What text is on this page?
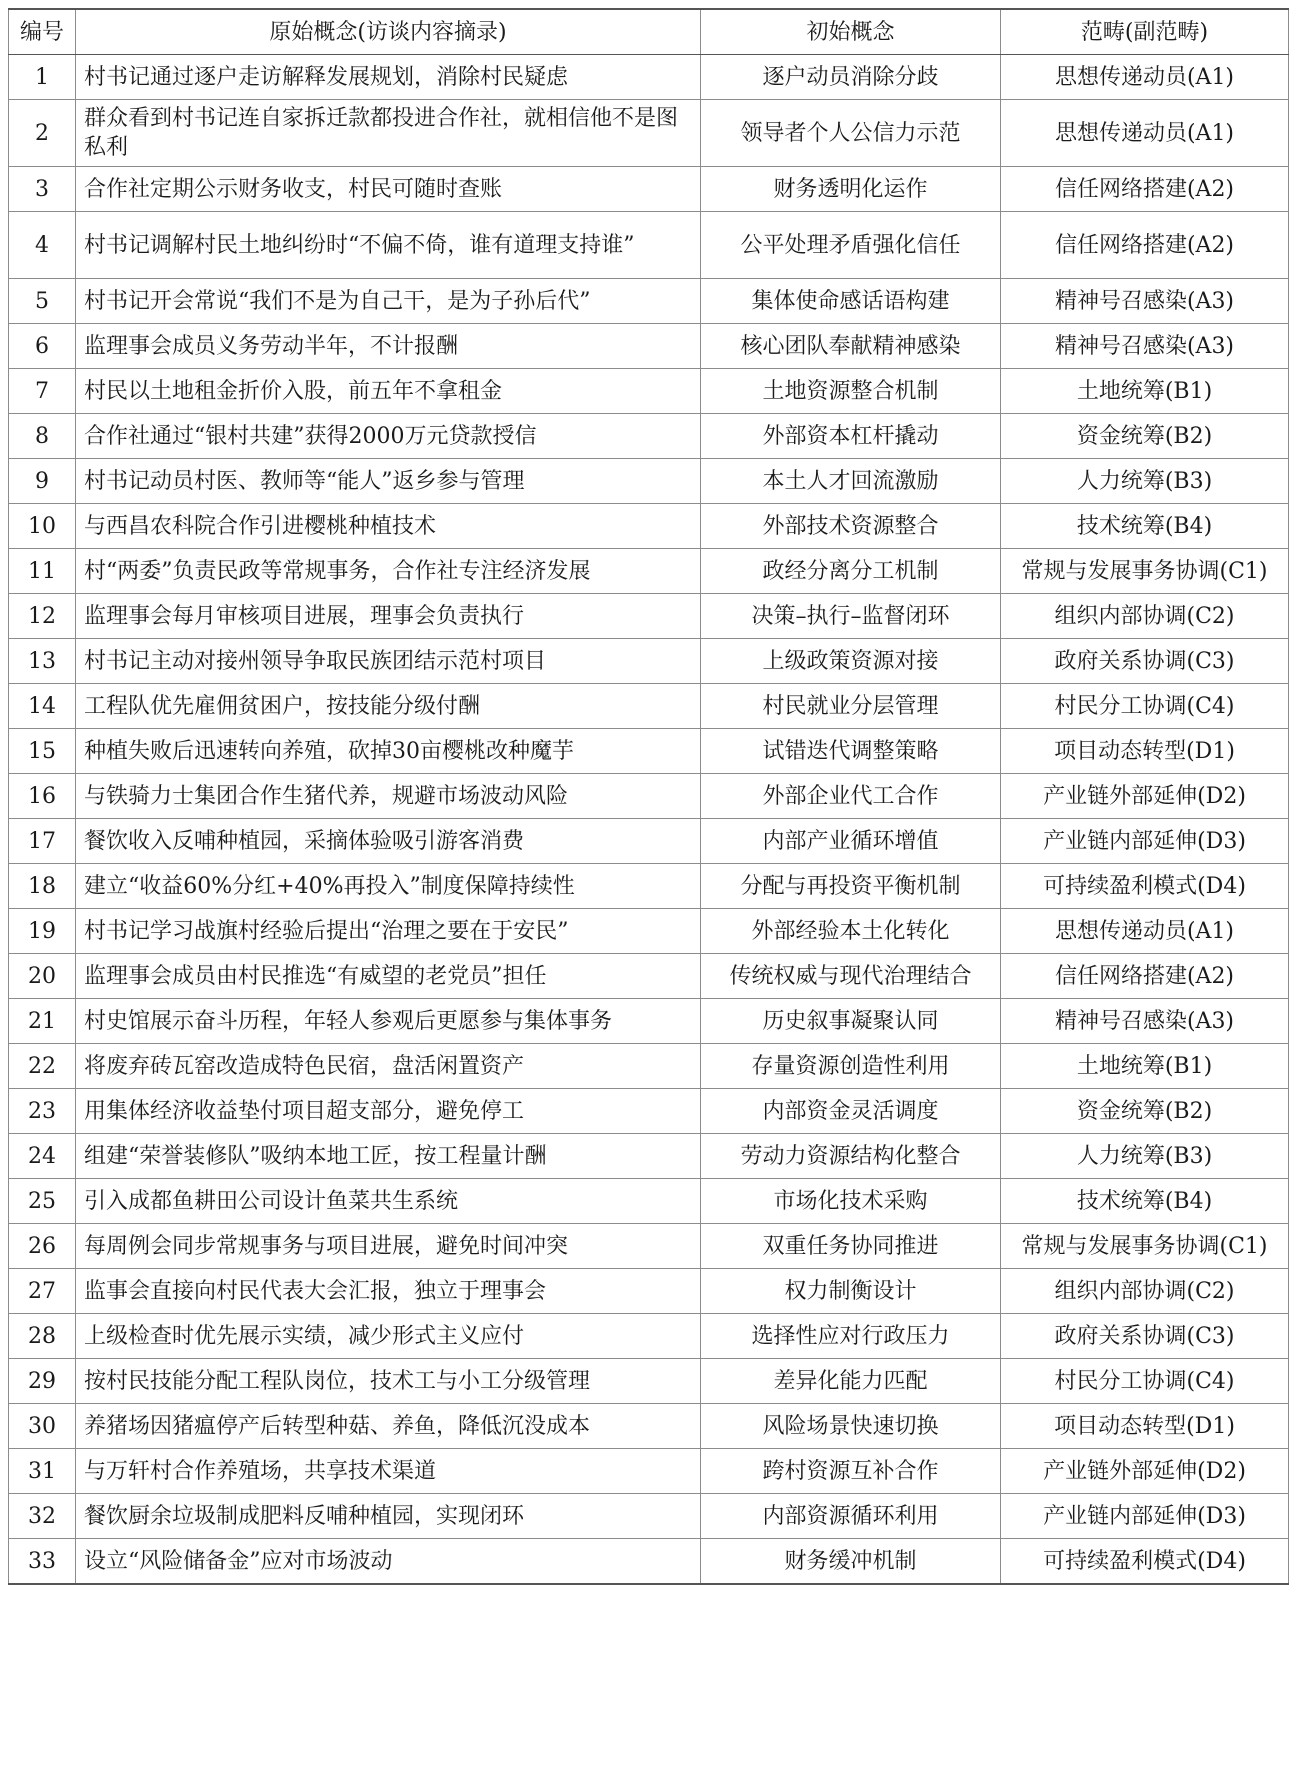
编号	原始概念(访谈内容摘录)	初始概念	范畴(副范畴)
1	村书记通过逐户走访解释发展规划，消除村民疑虑	逐户动员消除分歧	思想传递动员(A1)
2	群众看到村书记连自家拆迁款都投进合作社，就相信他不是图私利	领导者个人公信力示范	思想传递动员(A1)
3	合作社定期公示财务收支，村民可随时查账	财务透明化运作	信任网络搭建(A2)
4	村书记调解村民土地纠纷时“不偏不倚，谁有道理支持谁”	公平处理矛盾强化信任	信任网络搭建(A2)
5	村书记开会常说“我们不是为自己干，是为子孙后代”	集体使命感话语构建	精神号召感染(A3)
6	监理事会成员义务劳动半年，不计报酬	核心团队奉献精神感染	精神号召感染(A3)
7	村民以土地租金折价入股，前五年不拿租金	土地资源整合机制	土地统筹(B1)
8	合作社通过“银村共建”获得2000万元贷款授信	外部资本杠杆撬动	资金统筹(B2)
9	村书记动员村医、教师等“能人”返乡参与管理	本土人才回流激励	人力统筹(B3)
10	与西昌农科院合作引进樱桃种植技术	外部技术资源整合	技术统筹(B4)
11	村“两委”负责民政等常规事务，合作社专注经济发展	政经分离分工机制	常规与发展事务协调(C1)
12	监理事会每月审核项目进展，理事会负责执行	决策–执行–监督闭环	组织内部协调(C2)
13	村书记主动对接州领导争取民族团结示范村项目	上级政策资源对接	政府关系协调(C3)
14	工程队优先雇佣贫困户，按技能分级付酬	村民就业分层管理	村民分工协调(C4)
15	种植失败后迅速转向养殖，砍掉30亩樱桃改种魔芋	试错迭代调整策略	项目动态转型(D1)
16	与铁骑力士集团合作生猪代养，规避市场波动风险	外部企业代工合作	产业链外部延伸(D2)
17	餐饮收入反哺种植园，采摘体验吸引游客消费	内部产业循环增值	产业链内部延伸(D3)
18	建立“收益60%分红+40%再投入”制度保障持续性	分配与再投资平衡机制	可持续盈利模式(D4)
19	村书记学习战旗村经验后提出“治理之要在于安民”	外部经验本土化转化	思想传递动员(A1)
20	监理事会成员由村民推选“有威望的老党员”担任	传统权威与现代治理结合	信任网络搭建(A2)
21	村史馆展示奋斗历程，年轻人参观后更愿参与集体事务	历史叙事凝聚认同	精神号召感染(A3)
22	将废弃砖瓦窑改造成特色民宿，盘活闲置资产	存量资源创造性利用	土地统筹(B1)
23	用集体经济收益垫付项目超支部分，避免停工	内部资金灵活调度	资金统筹(B2)
24	组建“荣誉装修队”吸纳本地工匠，按工程量计酬	劳动力资源结构化整合	人力统筹(B3)
25	引入成都鱼耕田公司设计鱼菜共生系统	市场化技术采购	技术统筹(B4)
26	每周例会同步常规事务与项目进展，避免时间冲突	双重任务协同推进	常规与发展事务协调(C1)
27	监事会直接向村民代表大会汇报，独立于理事会	权力制衡设计	组织内部协调(C2)
28	上级检查时优先展示实绩，减少形式主义应付	选择性应对行政压力	政府关系协调(C3)
29	按村民技能分配工程队岗位，技术工与小工分级管理	差异化能力匹配	村民分工协调(C4)
30	养猪场因猪瘟停产后转型种菇、养鱼，降低沉没成本	风险场景快速切换	项目动态转型(D1)
31	与万轩村合作养殖场，共享技术渠道	跨村资源互补合作	产业链外部延伸(D2)
32	餐饮厨余垃圾制成肥料反哺种植园，实现闭环	内部资源循环利用	产业链内部延伸(D3)
33	设立“风险储备金”应对市场波动	财务缓冲机制	可持续盈利模式(D4)
